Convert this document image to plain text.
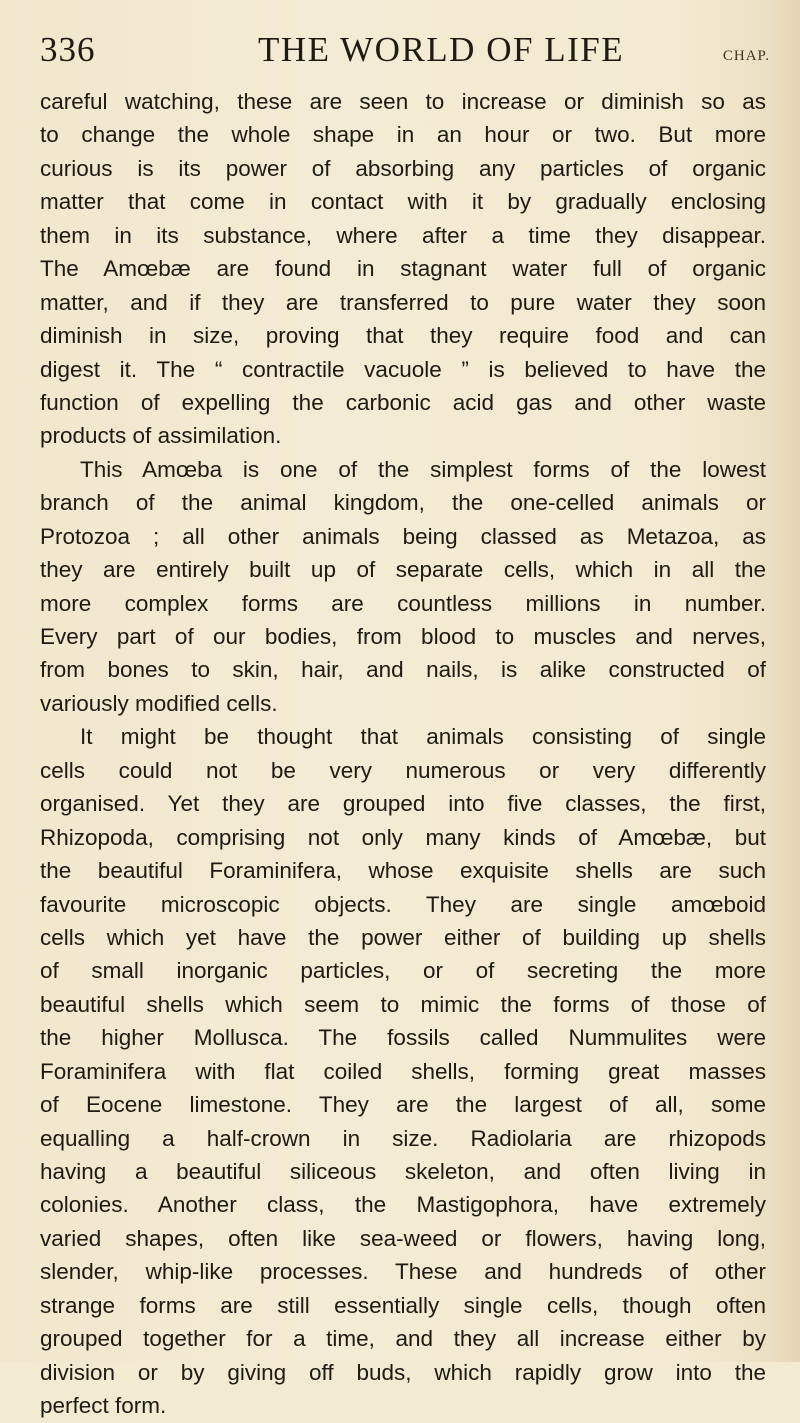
336	THE WORLD OF LIFE	CHAP.
careful watching, these are seen to increase or diminish so as
to change the whole shape in an hour or two. But more
curious is its power of absorbing any particles of organic
matter that come in contact with it by gradually enclosing
them in its substance, where after a time they disappear.
The Amœbæ are found in stagnant water full of organic
matter, and if they are transferred to pure water they soon
diminish in size, proving that they require food and can
digest it. The “ contractile vacuole ” is believed to have the
function of expelling the carbonic acid gas and other waste
products of assimilation.
This Amœba is one of the simplest forms of the lowest
branch of the animal kingdom, the one-celled animals or
Protozoa ; all other animals being classed as Metazoa, as
they are entirely built up of separate cells, which in all the
more complex forms are countless millions in number.
Every part of our bodies, from blood to muscles and nerves,
from bones to skin, hair, and nails, is alike constructed of
variously modified cells.
It might be thought that animals consisting of single
cells could not be very numerous or very differently
organised. Yet they are grouped into five classes, the first,
Rhizopoda, comprising not only many kinds of Amœbæ, but
the beautiful Foraminifera, whose exquisite shells are such
favourite microscopic objects. They are single amœboid
cells which yet have the power either of building up shells
of small inorganic particles, or of secreting the more
beautiful shells which seem to mimic the forms of those of
the higher Mollusca. The fossils called Nummulites were
Foraminifera with flat coiled shells, forming great masses
of Eocene limestone. They are the largest of all, some
equalling a half-crown in size. Radiolaria are rhizopods
having a beautiful siliceous skeleton, and often living in
colonies. Another class, the Mastigophora, have extremely
varied shapes, often like sea-weed or flowers, having long,
slender, whip-like processes. These and hundreds of other
strange forms are still essentially single cells, though often
grouped together for a time, and they all increase either by
division or by giving off buds, which rapidly grow into the
perfect form.
